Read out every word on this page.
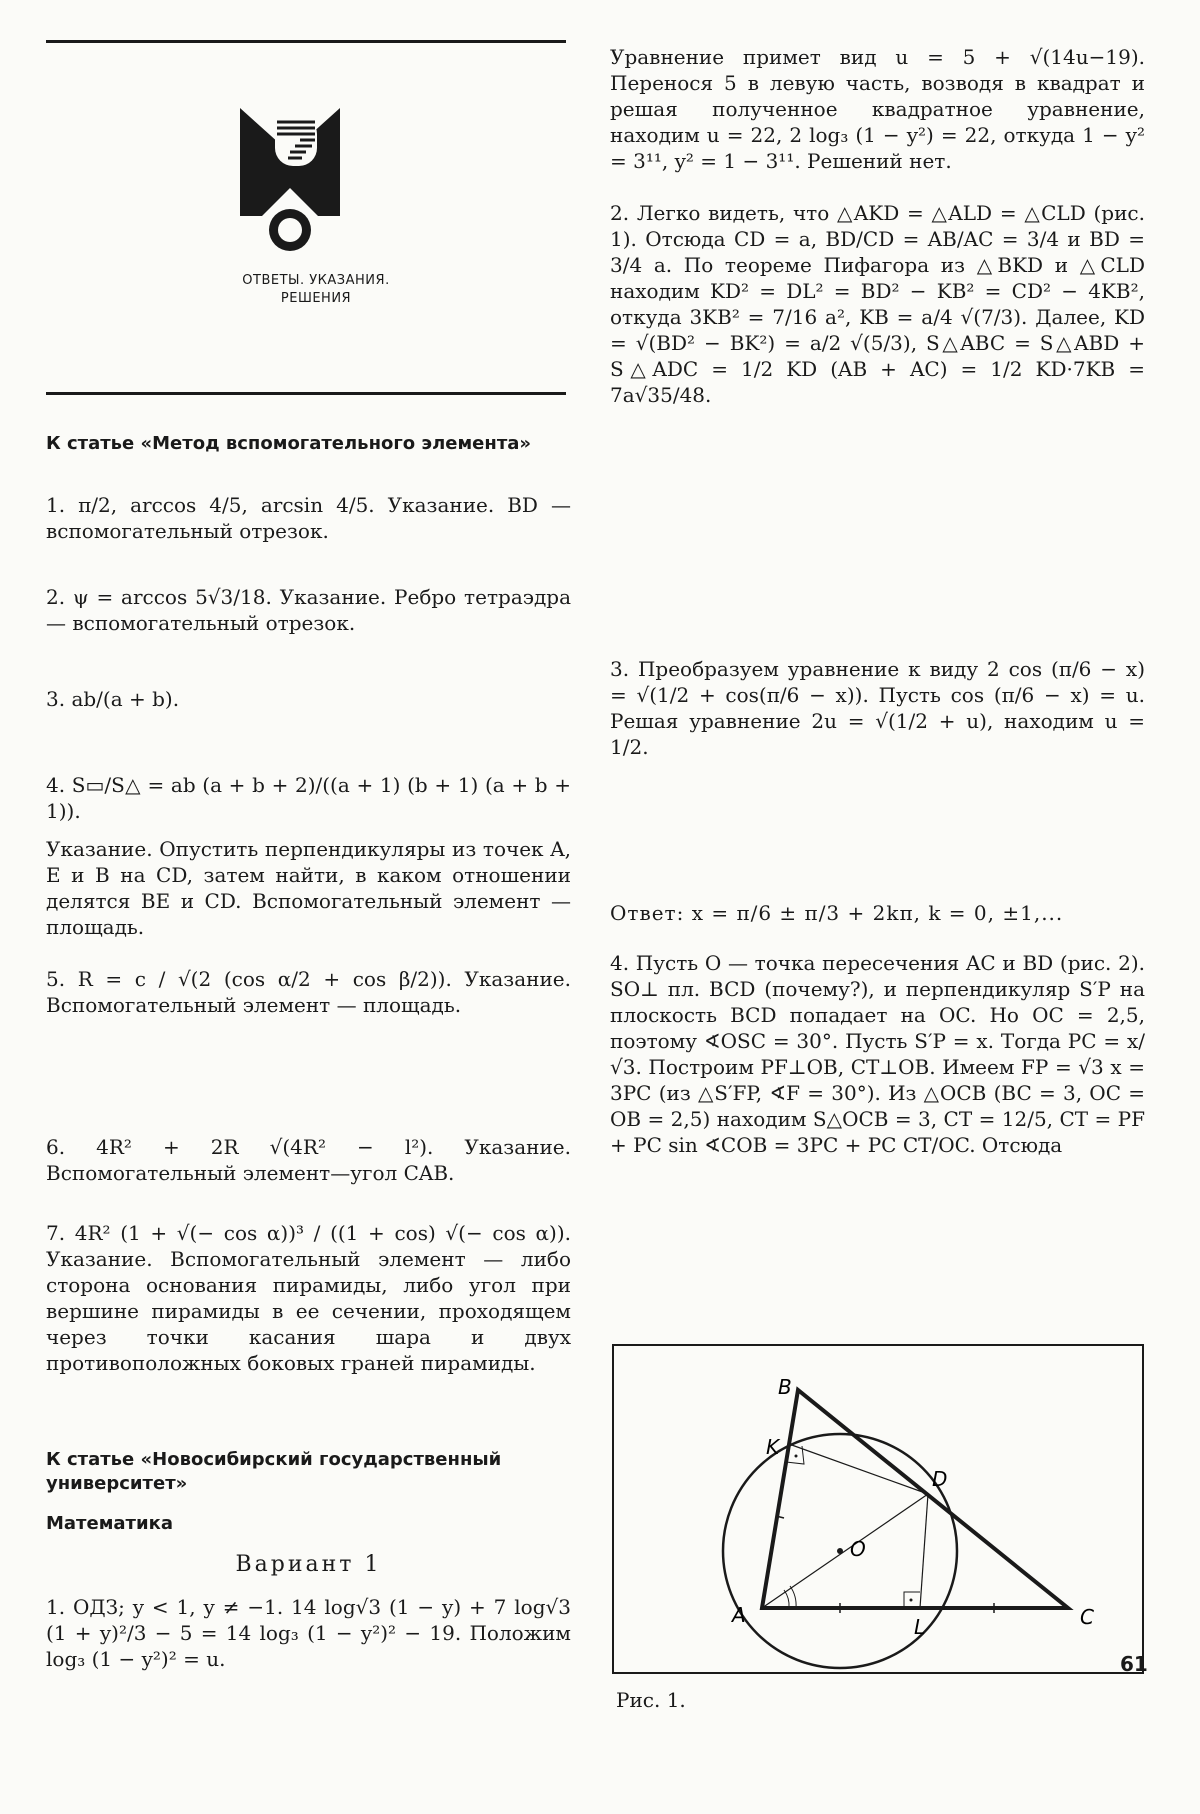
ОТВЕТЫ. УКАЗАНИЯ.
РЕШЕНИЯ
К статье «Метод вспомогательного элемента»
1. π/2, arccos 4/5, arcsin 4/5. Указание. BD — вспомогательный отрезок.
2. ψ = arccos 5√3/18. Указание. Ребро тетраэдра — вспомогательный отрезок.
3. ab/(a + b).
4. S▭/S△ = ab (a + b + 2)/((a + 1) (b + 1) (a + b + 1)).
Указание. Опустить перпендикуляры из точек A, E и B на CD, затем найти, в каком отношении делятся BE и CD. Вспомогательный элемент — площадь.
5. R = c / √(2 (cos α/2 + cos β/2)). Указание. Вспомогательный элемент — площадь.
6. 4R² + 2R √(4R² − l²). Указание. Вспомогательный элемент—угол CAB.
7. 4R² (1 + √(− cos α))³ / ((1 + cos) √(− cos α)). Указание. Вспомогательный элемент — либо сторона основания пирамиды, либо угол при вершине пирамиды в ее сечении, проходящем через точки касания шара и двух противоположных боковых граней пирамиды.
К статье «Новосибирский государственный университет»
Математика
Вариант 1
1. ОДЗ; y < 1, y ≠ −1. 14 log√3 (1 − y) + 7 log√3 (1 + y)²/3 − 5 = 14 log₃ (1 − y²)² − 19. Положим log₃ (1 − y²)² = u.
Уравнение примет вид u = 5 + √(14u−19). Перенося 5 в левую часть, возводя в квадрат и решая полученное квадратное уравнение, находим u = 22, 2 log₃ (1 − y²) = 22, откуда 1 − y² = 3¹¹, y² = 1 − 3¹¹. Решений нет.
2. Легко видеть, что △AKD = △ALD = △CLD (рис. 1). Отсюда CD = a, BD/CD = AB/AC = 3/4 и BD = 3/4 a. По теореме Пифагора из △BKD и △CLD находим KD² = DL² = BD² − KB² = CD² − 4KB², откуда 3KB² = 7/16 a², KB = a/4 √(7/3). Далее, KD = √(BD² − BK²) = a/2 √(5/3), S△ABC = S△ABD + S△ADC = 1/2 KD (AB + AC) = 1/2 KD·7KB = 7a√35/48.
3. Преобразуем уравнение к виду 2 cos (π/6 − x) = √(1/2 + cos(π/6 − x)). Пусть cos (π/6 − x) = u. Решая уравнение 2u = √(1/2 + u), находим u = 1/2.
Ответ: x = π/6 ± π/3 + 2kπ, k = 0, ±1,...
4. Пусть O — точка пересечения AC и BD (рис. 2). SO⊥ пл. BCD (почему?), и перпендикуляр S′P на плоскость BCD попадает на OC. Но OC = 2,5, поэтому ∢OSC = 30°. Пусть S′P = x. Тогда PC = x/√3. Построим PF⊥OB, CT⊥OB. Имеем FP = √3 x = 3PC (из △S′FP, ∢F = 30°). Из △OCB (BC = 3, OC = OB = 2,5) находим S△OCB = 3, CT = 12/5, CT = PF + PC sin ∢COB = 3PC + PC CT/OC. Отсюда
B
K
D
O
A	L	C
Рис. 1.
61
